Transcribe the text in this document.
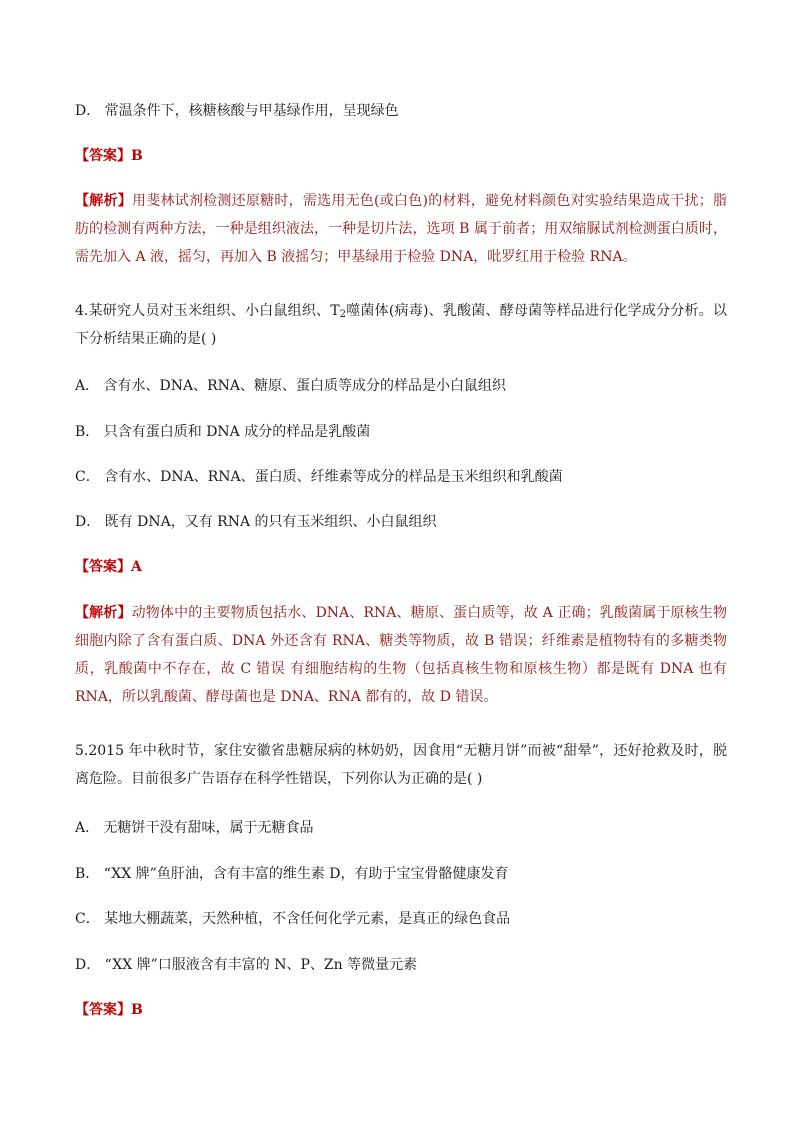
D． 常温条件下，核糖核酸与甲基绿作用，呈现绿色
【答案】B
【解析】用斐林试剂检测还原糖时，需选用无色(或白色)的材料，避免材料颜色对实验结果造成干扰；脂肪的检测有两种方法，一种是组织液法，一种是切片法，选项 B 属于前者；用双缩脲试剂检测蛋白质时，需先加入 A 液，摇匀，再加入 B 液摇匀；甲基绿用于检验 DNA，吡罗红用于检验 RNA。
4.某研究人员对玉米组织、小白鼠组织、$T_2$噬菌体(病毒)、乳酸菌、酵母菌等样品进行化学成分分析。以下分析结果正确的是( )
A． 含有水、DNA、RNA、糖原、蛋白质等成分的样品是小白鼠组织
B． 只含有蛋白质和 DNA 成分的样品是乳酸菌
C． 含有水、DNA、RNA、蛋白质、纤维素等成分的样品是玉米组织和乳酸菌
D． 既有 DNA，又有 RNA 的只有玉米组织、小白鼠组织
【答案】A
【解析】动物体中的主要物质包括水、DNA、RNA、糖原、蛋白质等，故 A 正确；乳酸菌属于原核生物细胞内除了含有蛋白质、DNA 外还含有 RNA、糖类等物质，故 B 错误；纤维素是植物特有的多糖类物质，乳酸菌中不存在，故 C 错误 有细胞结构的生物（包括真核生物和原核生物）都是既有 DNA 也有 RNA，所以乳酸菌、酵母菌也是 DNA、RNA 都有的，故 D 错误。
5.2015 年中秋时节，家住安徽省患糖尿病的林奶奶，因食用“无糖月饼”而被“甜晕”，还好抢救及时，脱离危险。目前很多广告语存在科学性错误，下列你认为正确的是( )
A． 无糖饼干没有甜味，属于无糖食品
B． “XX 牌”鱼肝油，含有丰富的维生素 D，有助于宝宝骨骼健康发育
C． 某地大棚蔬菜，天然种植，不含任何化学元素，是真正的绿色食品
D． “XX 牌”口服液含有丰富的 N、P、Zn 等微量元素
【答案】B
